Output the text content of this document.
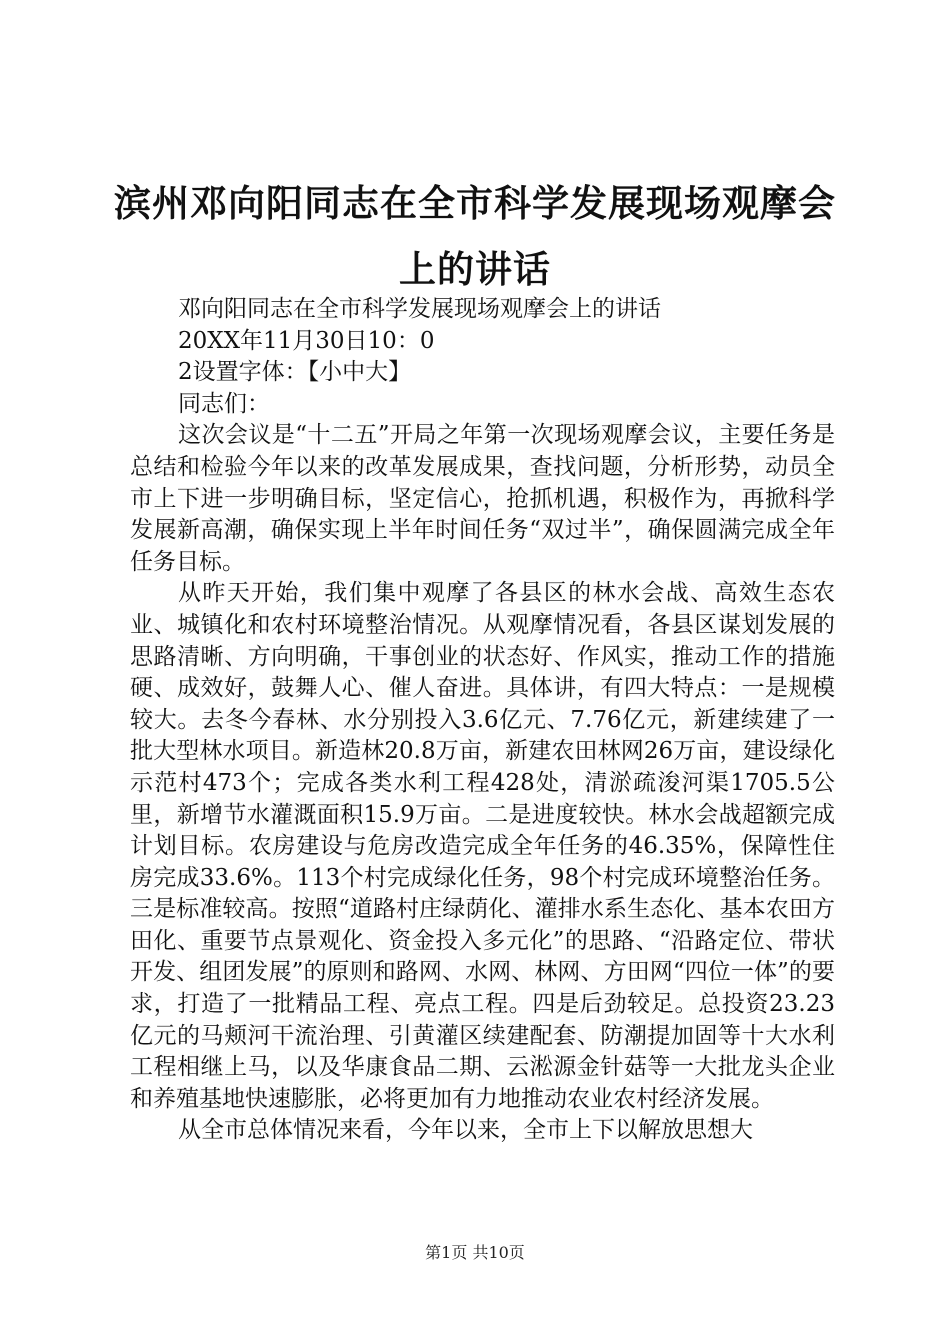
滨州邓向阳同志在全市科学发展现场观摩会上的讲话
邓向阳同志在全市科学发展现场观摩会上的讲话
20XX年11月30日10：0
2设置字体：【小中大】
同志们：

这次会议是“十二五”开局之年第一次现场观摩会议，主要任务是总结和检验今年以来的改革发展成果，查找问题，分析形势，动员全市上下进一步明确目标，坚定信心，抢抓机遇，积极作为，再掀科学发展新高潮，确保实现上半年时间任务“双过半”，确保圆满完成全年任务目标。

从昨天开始，我们集中观摩了各县区的林水会战、高效生态农业、城镇化和农村环境整治情况。从观摩情况看，各县区谋划发展的思路清晰、方向明确，干事创业的状态好、作风实，推动工作的措施硬、成效好，鼓舞人心、催人奋进。具体讲，有四大特点：一是规模较大。去冬今春林、水分别投入3.6亿元、7.76亿元，新建续建了一批大型林水项目。新造林20.8万亩，新建农田林网26万亩，建设绿化示范村473个；完成各类水利工程428处，清淤疏浚河渠1705.5公里，新增节水灌溉面积15.9万亩。二是进度较快。林水会战超额完成计划目标。农房建设与危房改造完成全年任务的46.35%，保障性住房完成33.6%。113个村完成绿化任务，98个村完成环境整治任务。三是标准较高。按照“道路村庄绿荫化、灌排水系生态化、基本农田方田化、重要节点景观化、资金投入多元化”的思路、“沿路定位、带状开发、组团发展”的原则和路网、水网、林网、方田网“四位一体”的要求，打造了一批精品工程、亮点工程。四是后劲较足。总投资23.23亿元的马颊河干流治理、引黄灌区续建配套、防潮提加固等十大水利工程相继上马，以及华康食品二期、云淞源金针菇等一大批龙头企业和养殖基地快速膨胀，必将更加有力地推动农业农村经济发展。

从全市总体情况来看，今年以来，全市上下以解放思想大

第1页 共10页
